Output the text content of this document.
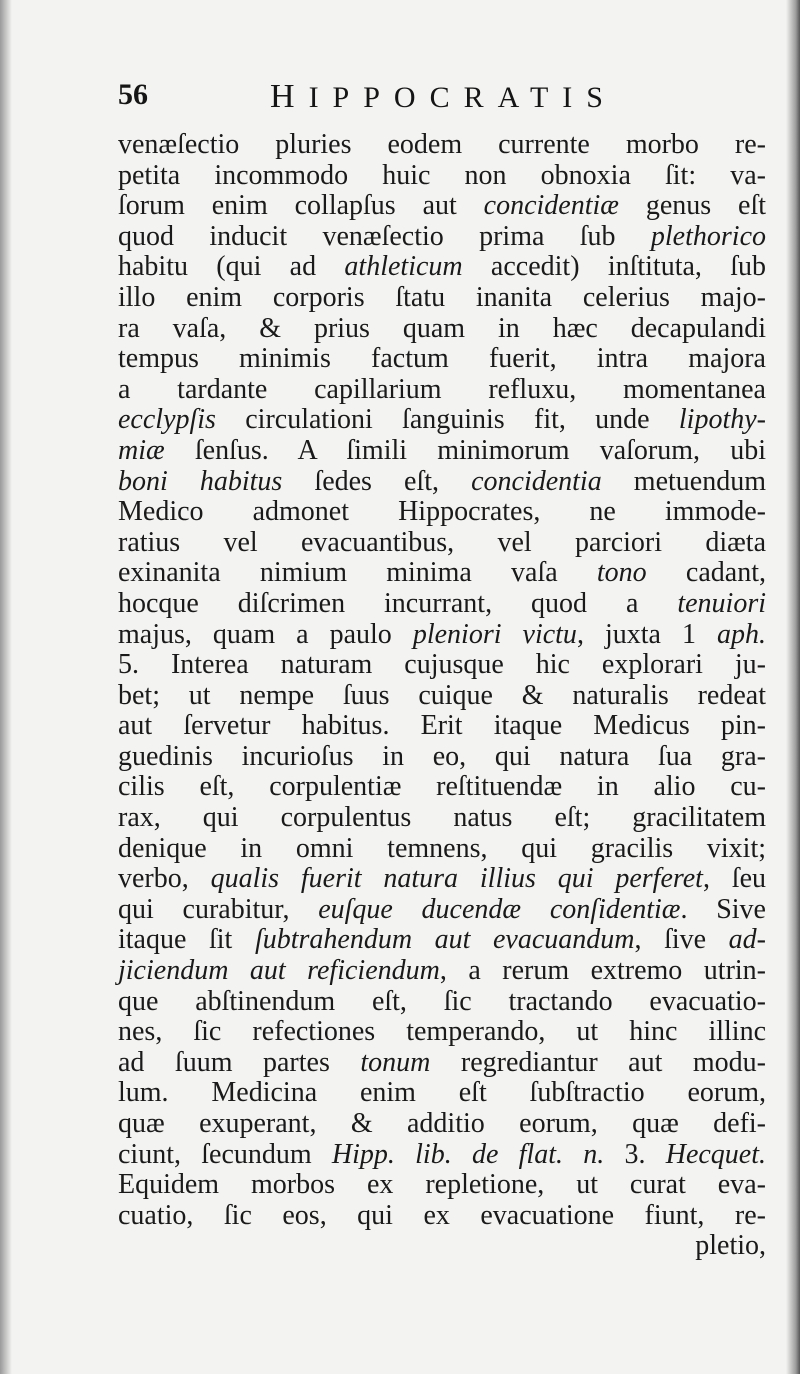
56	HIPPOCRATIS
venæſectio pluries eodem currente morbo re-
petita incommodo huic non obnoxia ſit: va-
ſorum enim collapſus aut concidentiæ genus eſt
quod inducit venæſectio prima ſub plethorico
habitu (qui ad athleticum accedit) inſtituta, ſub
illo enim corporis ſtatu inanita celerius majo-
ra vaſa, & prius quam in hæc decapulandi
tempus minimis factum fuerit, intra majora
a tardante capillarium refluxu, momentanea
ecclypſis circulationi ſanguinis fit, unde lipothy-
miæ ſenſus. A ſimili minimorum vaſorum, ubi
boni habitus ſedes eſt, concidentia metuendum
Medico admonet Hippocrates, ne immode-
ratius vel evacuantibus, vel parciori diæta
exinanita nimium minima vaſa tono cadant,
hocque diſcrimen incurrant, quod a tenuiori
majus, quam a paulo pleniori victu, juxta 1 aph.
5. Interea naturam cujusque hic explorari ju-
bet; ut nempe ſuus cuique & naturalis redeat
aut ſervetur habitus. Erit itaque Medicus pin-
guedinis incurioſus in eo, qui natura ſua gra-
cilis eſt, corpulentiæ reſtituendæ in alio cu-
rax, qui corpulentus natus eſt; gracilitatem
denique in omni temnens, qui gracilis vixit;
verbo, qualis fuerit natura illius qui perferet, ſeu
qui curabitur, euſque ducendæ conſidentiæ. Sive
itaque ſit ſubtrahendum aut evacuandum, ſive ad-
jiciendum aut reficiendum, a rerum extremo utrin-
que abſtinendum eſt, ſic tractando evacuatio-
nes, ſic refectiones temperando, ut hinc illinc
ad ſuum partes tonum regrediantur aut modu-
lum. Medicina enim eſt ſubſtractio eorum,
quæ exuperant, & additio eorum, quæ defi-
ciunt, ſecundum Hipp. lib. de flat. n. 3. Hecquet.
Equidem morbos ex repletione, ut curat eva-
cuatio, ſic eos, qui ex evacuatione fiunt, re-
pletio,
